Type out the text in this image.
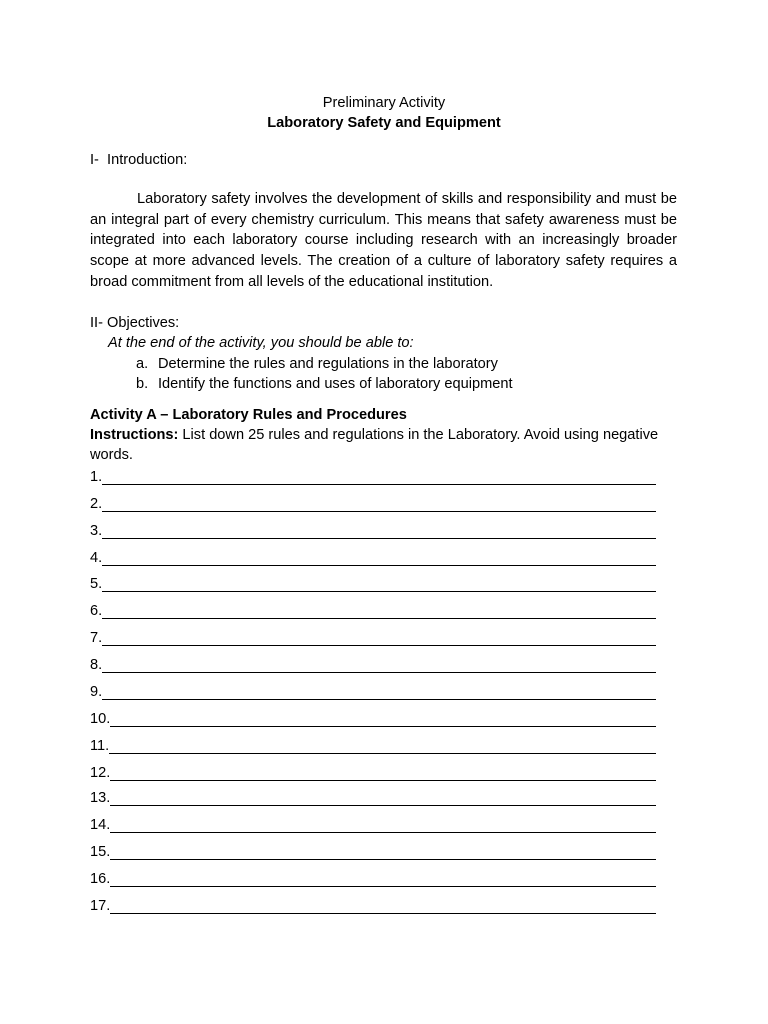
Preliminary Activity
Laboratory Safety and Equipment
I-  Introduction:

Laboratory safety involves the development of skills and responsibility and must be an integral part of every chemistry curriculum. This means that safety awareness must be integrated into each laboratory course including research with an increasingly broader scope at more advanced levels. The creation of a culture of laboratory safety requires a broad commitment from all levels of the educational institution.

II- Objectives:
At the end of the activity, you should be able to:
a. Determine the rules and regulations in the laboratory
b. Identify the functions and uses of laboratory equipment
Activity A – Laboratory Rules and Procedures

Instructions: List down 25 rules and regulations in the Laboratory. Avoid using negative words.

1.
2.
3.
4.
5.
6.
7.
8.
9.
10.
11.
12.
13.
14.
15.
16.
17.
